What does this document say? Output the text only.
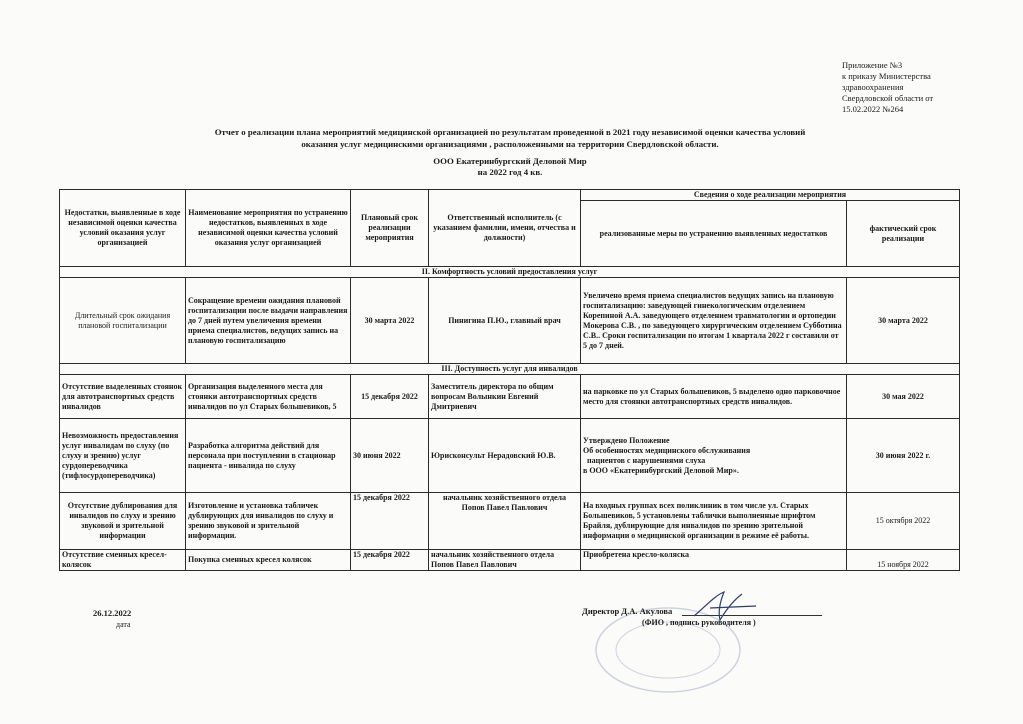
Приложение №3
к приказу Министерства
здравоохранения
Свердловской области от
15.02.2022 №264
Отчет о реализации плана мероприятий медицинской организацией по результатам проведенной в 2021 году независимой оценки качества условий
оказания услуг медицинскими организациями , расположенными на территории Свердловской области.
ООО Екатеринбургский Деловой Мир
на 2022 год 4 кв.
Недостатки, выявленные в ходе независимой оценки качества условий оказания услуг организацией	Наименование мероприятия по устранению недостатков, выявленных в ходе независимой оценки качества условий оказания услуг организацией	Плановый срок реализации мероприятия	Ответственный исполнитель (с указанием фамилии, имени, отчества и должности)	Сведения о ходе реализации мероприятия	
				реализованные меры по устранению выявленных недостатков	фактический срок реализации
II. Комфортность условий предоставления услуг					
Длительный срок ожидания плановой госпитализации	Сокращение времени ожидания плановой госпитализации после выдачи направления до 7 дней путем увеличения времени приема специалистов, ведущих запись на плановую госпитализацию	30 марта 2022	Пинигина П.Ю., главный врач	Увеличено время приема специалистов ведущих запись на плановую госпитализацию: заведующей гинекологическим отделением Корепиной А.А. заведующего отделением травматологии и ортопедии Мокерова С.В. , по заведующего хирургическим отделением Субботина С.В.. Сроки госпитализации по итогам 1 квартала 2022 г составили от 5 до 7 дней.	30 марта 2022
III. Доступность услуг для инвалидов					
Отсутствие выделенных стоянок для автотранспортных средств инвалидов	Организация выделенного места для стоянки автотранспортных средств инвалидов по ул Старых большевиков, 5	15 декабря 2022	Заместитель директора по общим вопросам Волынкин Евгений Дмитриевич	на парковке по ул Старых большевиков, 5 выделено одно парковочное место для стоянки автотранспортных средств инвалидов.	30 мая 2022
Невозможность предоставления услуг инвалидам по слуху (по слуху и зрению) услуг сурдопереводчика (тифлосурдопереводчика)	Разработка алгоритма действий для персонала при поступлении в стационар пациента - инвалида по слуху	30 июня 2022	Юрисконсульт Нерадовский Ю.В.	Утверждено Положение
Об особенностях медицинского обслуживания
пациентов с нарушениями слуха
в ООО «Екатеринбургский Деловой Мир».	30 июня 2022 г.
Отсутствие дублирования для инвалидов по слуху и зрению звуковой и зрительной информации	Изготовление и установка табличек дублирующих для инвалидов по слуху и зрению звуковой и зрительной информации.	15 декабря 2022	начальник хозяйственного отдела Попов Павел Павлович	На входных группах всех поликлиник в том числе ул. Старых Большевиков, 5 установлены таблички выполненные шрифтом Брайля, дублирующие для инвалидов по зрению зрительной информации о медицинской организации в режиме её работы.	15 октября 2022
Отсутствие сменных кресел-колясок	Покупка сменных кресел колясок	15 декабря 2022	начальник хозяйственного отдела Попов Павел Павлович	Приобретена кресло-коляска	15 ноября 2022
26.12.2022
дата
Директор Д.А. Акулова
(ФИО , подпись руководителя )
